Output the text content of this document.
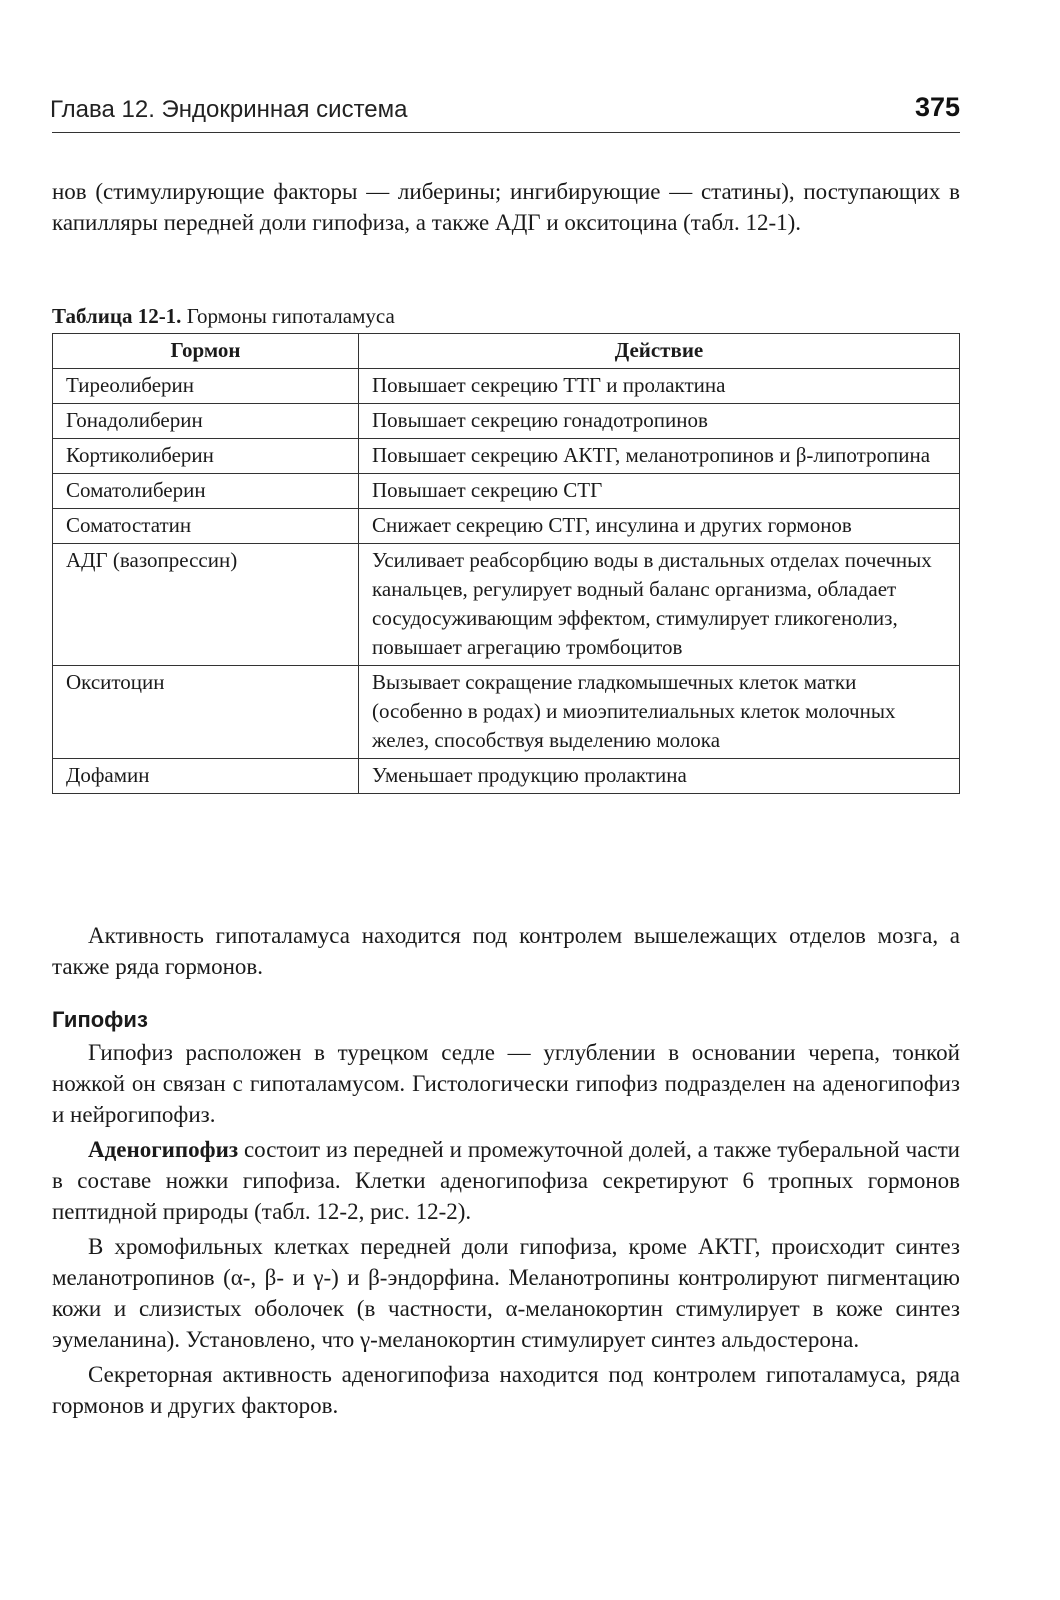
Глава 12. Эндокринная система	375

нов (стимулирующие факторы — либерины; ингибирующие — статины), поступающих в капилляры передней доли гипофиза, а также АДГ и окситоцина (табл. 12-1).

Таблица 12-1. Гормоны гипоталамуса
Гормон	Действие
Тиреолиберин	Повышает секрецию ТТГ и пролактина
Гонадолиберин	Повышает секрецию гонадотропинов
Кортиколиберин	Повышает секрецию АКТГ, меланотропинов и β-липотропина
Соматолиберин	Повышает секрецию СТГ
Соматостатин	Снижает секрецию СТГ, инсулина и других гормонов
АДГ (вазопрессин)	Усиливает реабсорбцию воды в дистальных отделах почечных канальцев, регулирует водный баланс организма, обладает сосудосуживающим эффектом, стимулирует гликогенолиз, повышает агрегацию тромбоцитов
Окситоцин	Вызывает сокращение гладкомышечных клеток матки (особенно в родах) и миоэпителиальных клеток молочных желез, способствуя выделению молока
Дофамин	Уменьшает продукцию пролактина

Активность гипоталамуса находится под контролем вышележащих отделов мозга, а также ряда гормонов.

Гипофиз

Гипофиз расположен в турецком седле — углублении в основании черепа, тонкой ножкой он связан с гипоталамусом. Гистологически гипофиз подразделен на аденогипофиз и нейрогипофиз.

Аденогипофиз состоит из передней и промежуточной долей, а также туберальной части в составе ножки гипофиза. Клетки аденогипофиза секретируют 6 тропных гормонов пептидной природы (табл. 12-2, рис. 12-2).

В хромофильных клетках передней доли гипофиза, кроме АКТГ, происходит синтез меланотропинов (α-, β- и γ-) и β-эндорфина. Меланотропины контролируют пигментацию кожи и слизистых оболочек (в частности, α-меланокортин стимулирует в коже синтез эумеланина). Установлено, что γ-меланокортин стимулирует синтез альдостерона.

Секреторная активность аденогипофиза находится под контролем гипоталамуса, ряда гормонов и других факторов.
